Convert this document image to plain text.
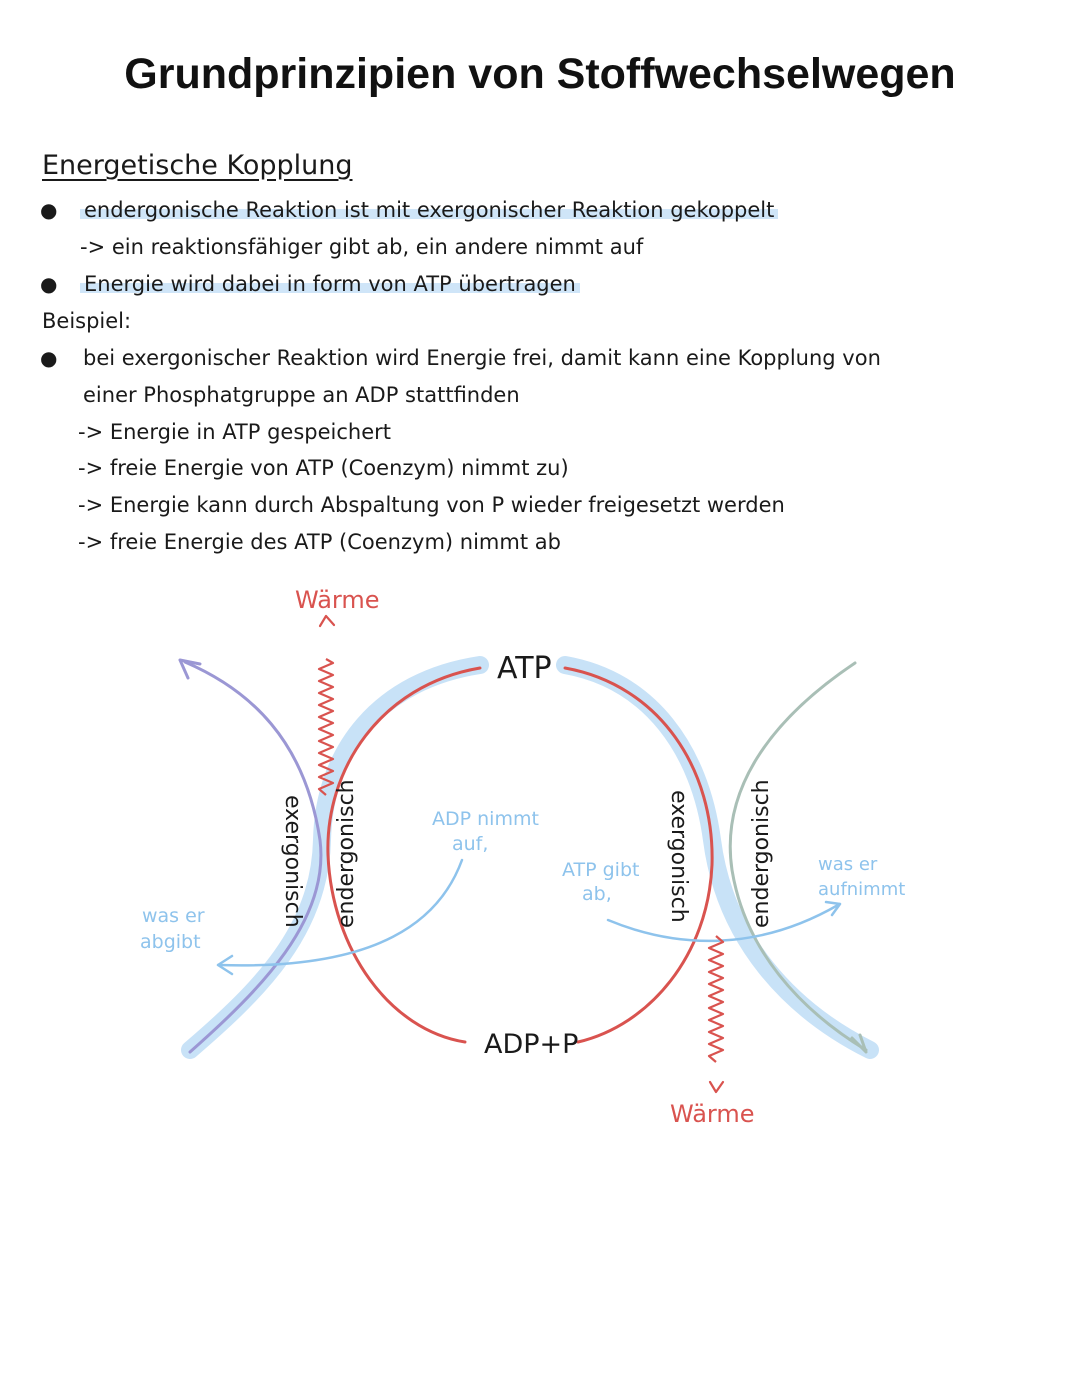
Grundprinzipien von Stoffwechselwegen
Energetische Kopplung
● endergonische Reaktion ist mit exergonischer Reaktion gekoppelt
-> ein reaktionsfähiger gibt ab, ein andere nimmt auf
● Energie wird dabei in form von ATP übertragen
Beispiel:
● bei exergonischer Reaktion wird Energie frei, damit kann eine Kopplung von
einer Phosphatgruppe an ADP stattfinden
-> Energie in ATP gespeichert
-> freie Energie von ATP (Coenzym) nimmt zu)
-> Energie kann durch Abspaltung von P wieder freigesetzt werden
-> freie Energie des ATP (Coenzym) nimmt ab
Wärme
Wärme
ATP
ADP+P
exergonisch endergonisch	exergonisch	endergonisch
ADP nimmt
auf,
ATP gibt
ab,
was er
abgibt
was er
aufnimmt
